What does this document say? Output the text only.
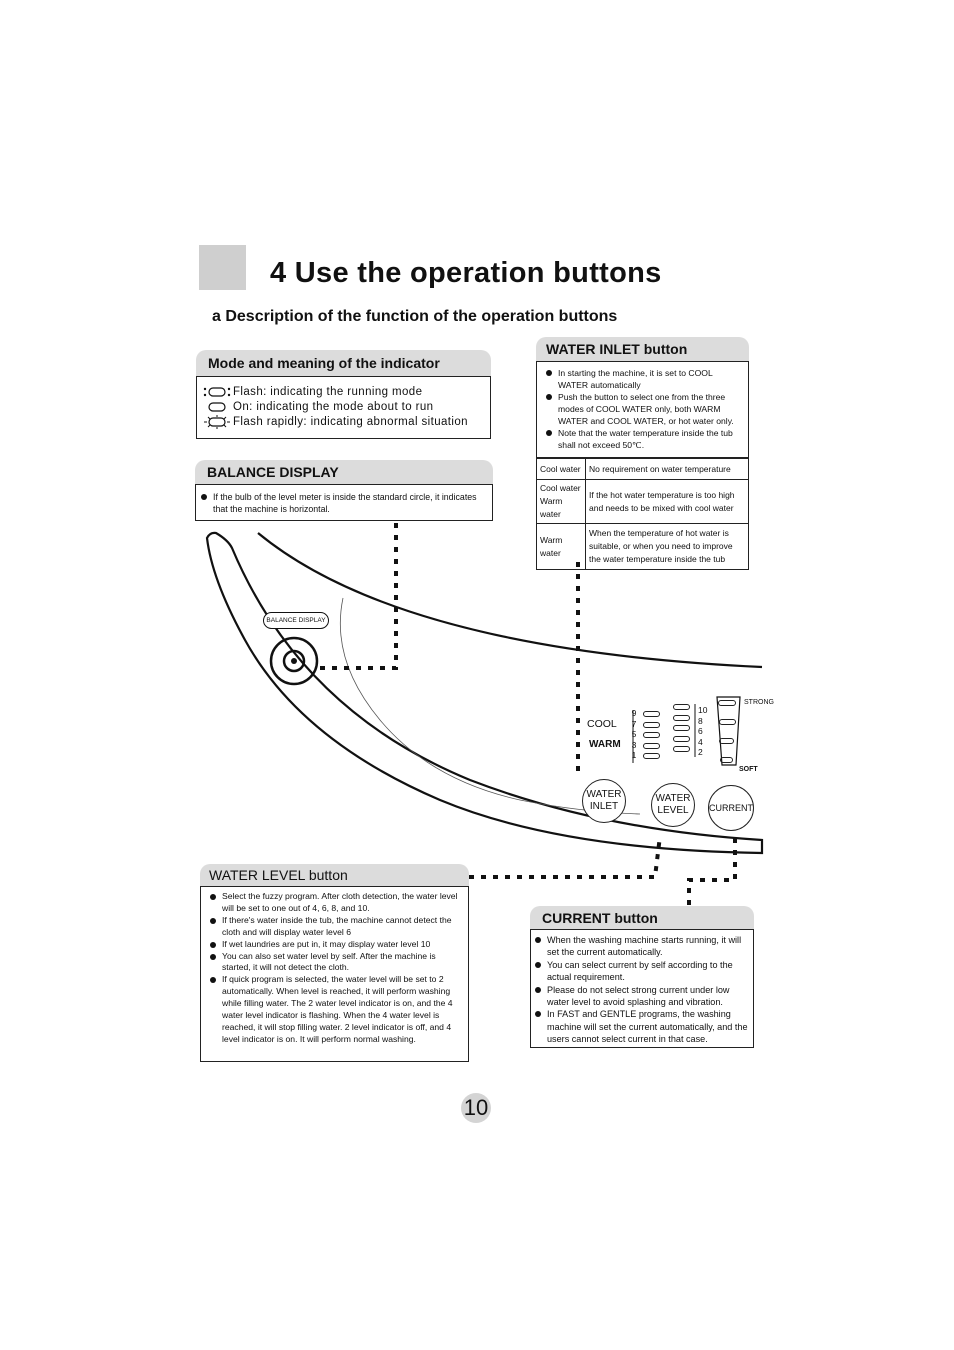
4 Use the operation buttons
a Description of the function of the operation buttons
Mode and meaning of the indicator
Flash: indicating the running mode
On: indicating the mode about to run
Flash rapidly: indicating abnormal situation
BALANCE DISPLAY
If the bulb of the level meter is inside the standard circle, it indicates that the machine is horizontal.
WATER INLET button
In starting the machine, it is set to COOL WATER automatically
Push the button to select one from the three modes of COOL WATER only, both WARM WATER and COOL WATER, or hot water only.
Note that the water temperature inside the tub shall not exceed 50℃.
Cool water	No requirement on water temperature
Cool water Warm water	If the hot water temperature is too high and needs to be mixed with cool water
Warm water	When the temperature of hot water is suitable, or when you need to improve the water temperature inside the tub
BALANCE DISPLAY
COOL
WARM
9
7
5
3
1
10
8
6
4
2
STRONG
SOFT
WATER INLET
WATER LEVEL	CURRENT
WATER LEVEL button
Select the fuzzy program. After cloth detection, the water level will be set to one out of 4, 6, 8, and 10.
If there's water inside the tub, the machine cannot detect the cloth and will display water level 6
If wet laundries are put in, it may display water level 10
You can also set water level by self. After the machine is started, it will not detect the cloth.
If quick program is selected, the water level will be set to 2 automatically. When level is reached, it will perform washing while filling water. The 2 water level indicator is on, and the 4 water level indicator is flashing. When the 4 water level is reached, it will stop filling water. 2 level indicator is off, and 4 level indicator is on. It will perform normal washing.
CURRENT button
When the washing machine starts running, it will set the current automatically.
You can select current by self according to the actual requirement.
Please do not select strong current under low water level to avoid splashing and vibration.
In FAST and GENTLE programs, the washing machine will set the current automatically, and the users cannot select current in that case.
10
